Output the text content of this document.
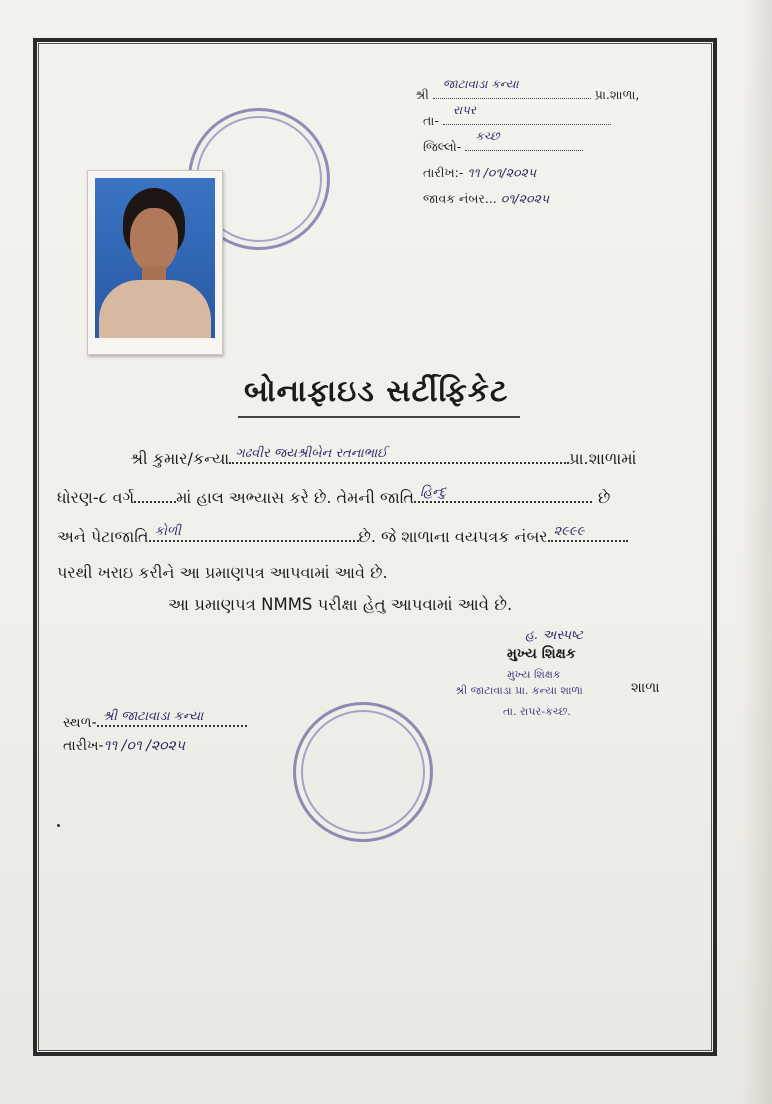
શ્રી
જાટાવાડા કન્યા
પ્રા.શાળા,
તા-
રાપર
જિલ્લો-
કચ્છ
તારીખ:- ૧૧ /૦૧/૨૦૨૫
જાવક નંબર... ૦૧/૨૦૨૫
બોનાફાઇડ સર્ટીફિકેટ
શ્રી કુમાર/કન્યા ગઢવીર જયશ્રીબેન રતનાભાઈ	પ્રા.શાળામાં
ધોરણ-૮ વર્ગ	માં હાલ અભ્યાસ કરે છે. તેમની જાતિ હિન્દુ	છે
અને પેટાજાતિ કોળી	છે. જે શાળાના વયપત્રક નંબર ૨૯૯૯
પરથી ખરાઇ કરીને આ પ્રમાણપત્ર આપવામાં આવે છે.
આ પ્રમાણપત્ર NMMS પરીક્ષા હેતુ આપવામાં આવે છે.
હ. અસ્પષ્ટ
મુખ્ય શિક્ષક
મુખ્ય શિક્ષક
શ્રી જાટાવાડા પ્રા. કન્યા શાળા	શાળા
તા. રાપર-કચ્છ.
સ્થળ- શ્રી જાટાવાડા કન્યા
તારીખ-૧૧ /૦૧ /૨૦૨૫
